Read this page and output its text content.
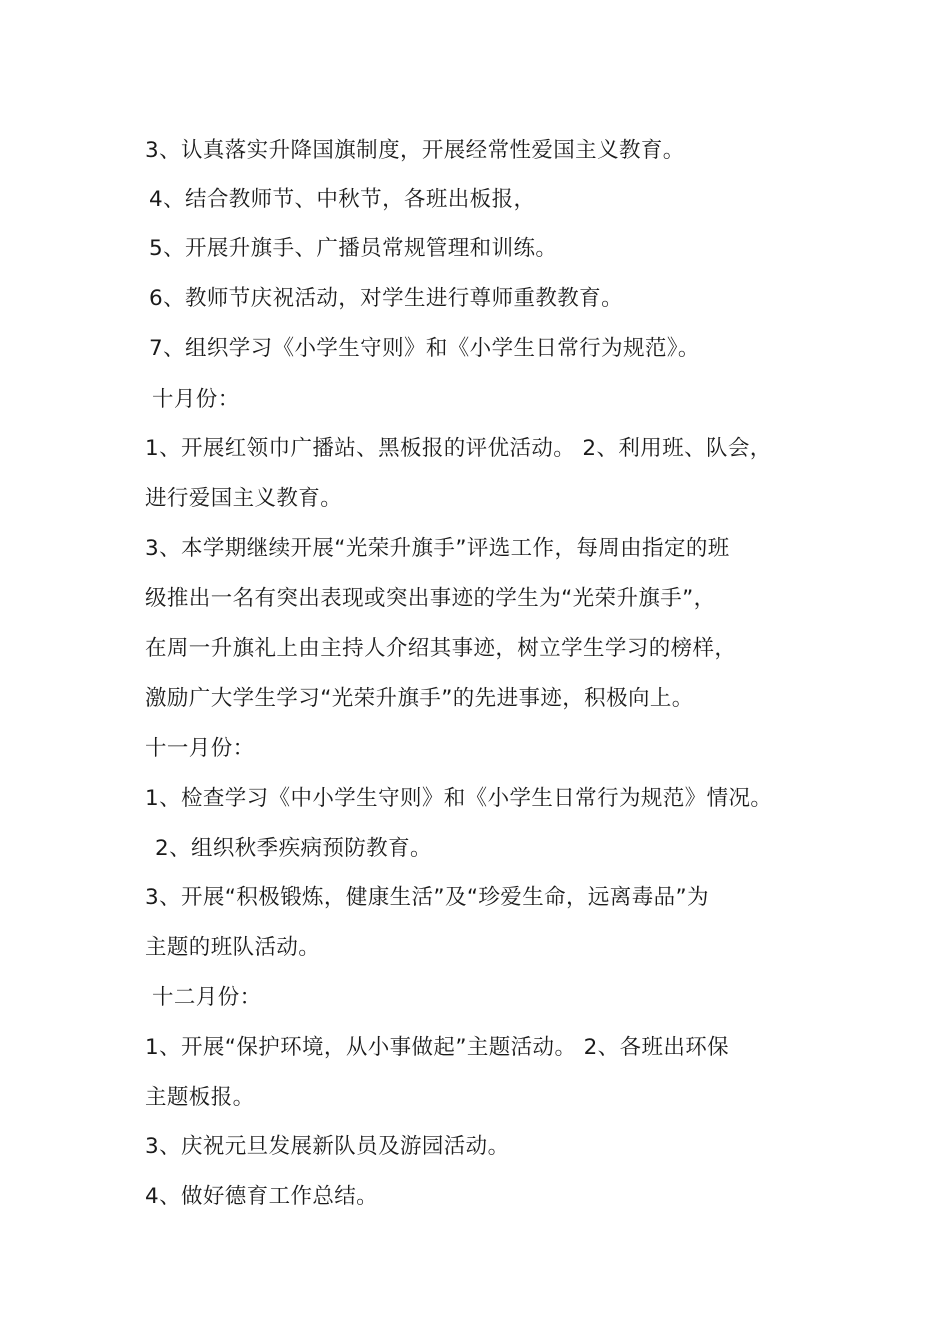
3、认真落实升降国旗制度，开展经常性爱国主义教育。
4、结合教师节、中秋节，各班出板报，
5、开展升旗手、广播员常规管理和训练。
6、教师节庆祝活动，对学生进行尊师重教教育。
7、组织学习《小学生守则》和《小学生日常行为规范》。
十月份：
1、开展红领巾广播站、黑板报的评优活动。 2、利用班、队会，
进行爱国主义教育。
3、本学期继续开展“光荣升旗手”评选工作，每周由指定的班
级推出一名有突出表现或突出事迹的学生为“光荣升旗手”，
在周一升旗礼上由主持人介绍其事迹，树立学生学习的榜样，
激励广大学生学习“光荣升旗手”的先进事迹，积极向上。
十一月份：
1、检查学习《中小学生守则》和《小学生日常行为规范》情况。
2、组织秋季疾病预防教育。
3、开展“积极锻炼，健康生活”及“珍爱生命，远离毒品”为
主题的班队活动。
十二月份：
1、开展“保护环境，从小事做起”主题活动。 2、各班出环保
主题板报。
3、庆祝元旦发展新队员及游园活动。
4、做好德育工作总结。
